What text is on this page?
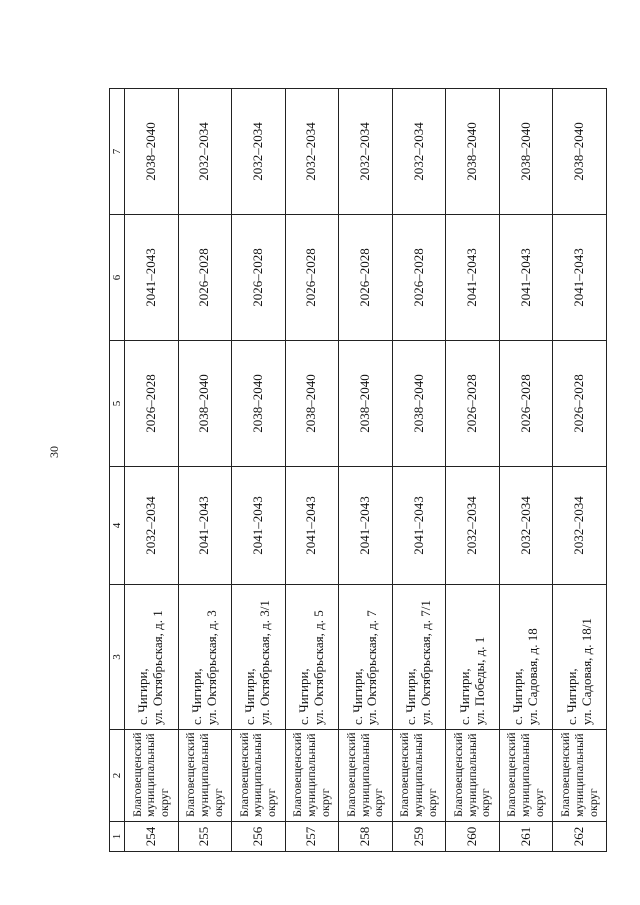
30
1	2	3	4	5	6	7
254	Благовещенский
муниципальный
округ	с. Чигири,
ул. Октябрьская, д. 1	2032–2034	2026–2028	2041–2043	2038–2040
255	Благовещенский
муниципальный
округ	с. Чигири,
ул. Октябрьская, д. 3	2041–2043	2038–2040	2026–2028	2032–2034
256	Благовещенский
муниципальный
округ	с. Чигири,
ул. Октябрьская, д. 3/1	2041–2043	2038–2040	2026–2028	2032–2034
257	Благовещенский
муниципальный
округ	с. Чигири,
ул. Октябрьская, д. 5	2041–2043	2038–2040	2026–2028	2032–2034
258	Благовещенский
муниципальный
округ	с. Чигири,
ул. Октябрьская, д. 7	2041–2043	2038–2040	2026–2028	2032–2034
259	Благовещенский
муниципальный
округ	с. Чигири,
ул. Октябрьская, д. 7/1	2041–2043	2038–2040	2026–2028	2032–2034
260	Благовещенский
муниципальный
округ	с. Чигири,
ул. Победы, д. 1	2032–2034	2026–2028	2041–2043	2038–2040
261	Благовещенский
муниципальный
округ	с. Чигири,
ул. Садовая, д. 18	2032–2034	2026–2028	2041–2043	2038–2040
262	Благовещенский
муниципальный
округ	с. Чигири,
ул. Садовая, д. 18/1	2032–2034	2026–2028	2041–2043	2038–2040
